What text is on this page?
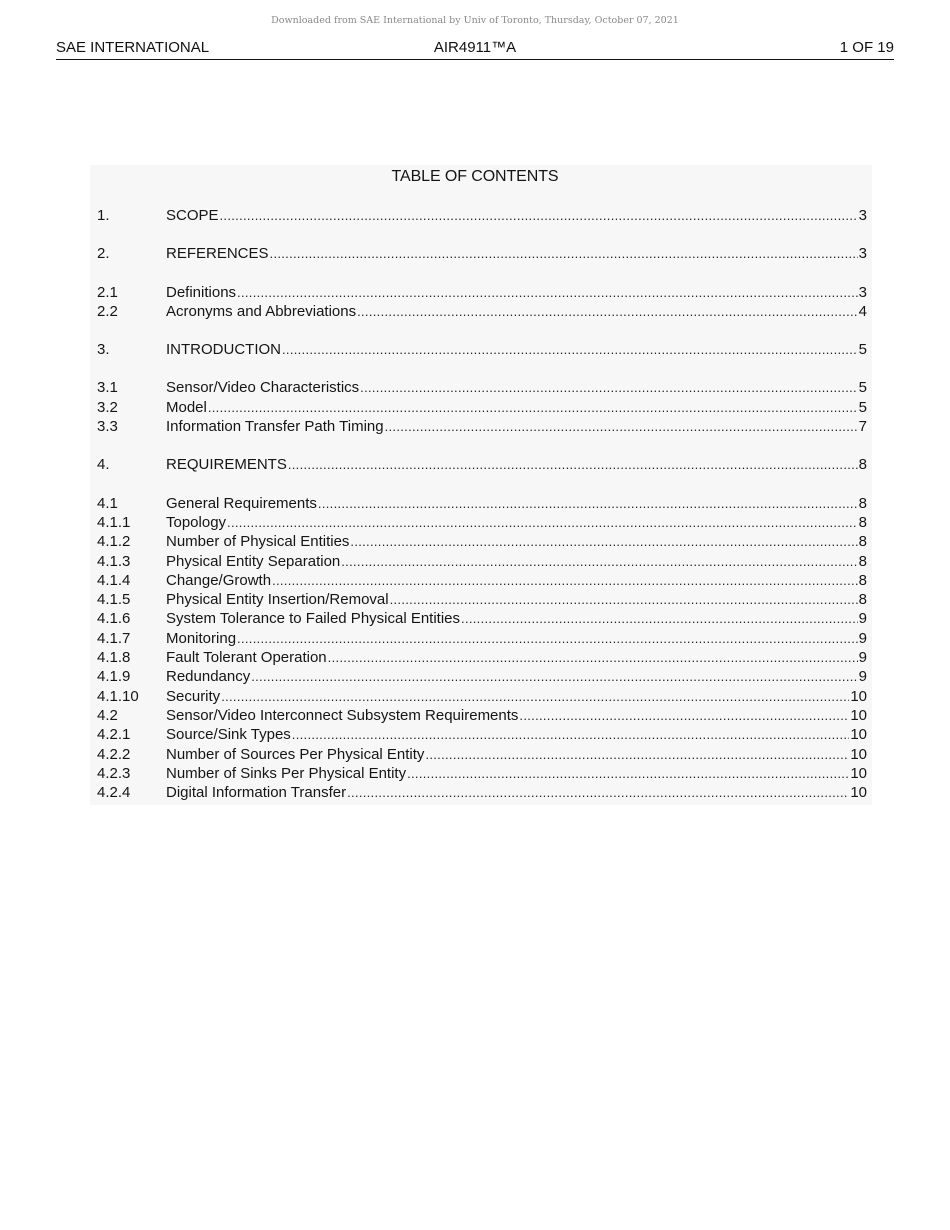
Downloaded from SAE International by Univ of Toronto, Thursday, October 07, 2021
SAE INTERNATIONAL	AIR4911™A	1 OF 19
TABLE OF CONTENTS
1.	SCOPE .....	3
2.	REFERENCES .....	3
2.1	Definitions .....	3
2.2	Acronyms and Abbreviations .....	4
3.	INTRODUCTION .....	5
3.1	Sensor/Video Characteristics .....	5
3.2	Model .....	5
3.3	Information Transfer Path Timing .....	7
4.	REQUIREMENTS .....	8
4.1	General Requirements .....	8
4.1.1	Topology .....	8
4.1.2	Number of Physical Entities .....	8
4.1.3	Physical Entity Separation .....	8
4.1.4	Change/Growth .....	8
4.1.5	Physical Entity Insertion/Removal .....	8
4.1.6	System Tolerance to Failed Physical Entities .....	9
4.1.7	Monitoring .....	9
4.1.8	Fault Tolerant Operation .....	9
4.1.9	Redundancy .....	9
4.1.10	Security .....	10
4.2	Sensor/Video Interconnect Subsystem Requirements .....	10
4.2.1	Source/Sink Types .....	10
4.2.2	Number of Sources Per Physical Entity .....	10
4.2.3	Number of Sinks Per Physical Entity .....	10
4.2.4	Digital Information Transfer .....	10
